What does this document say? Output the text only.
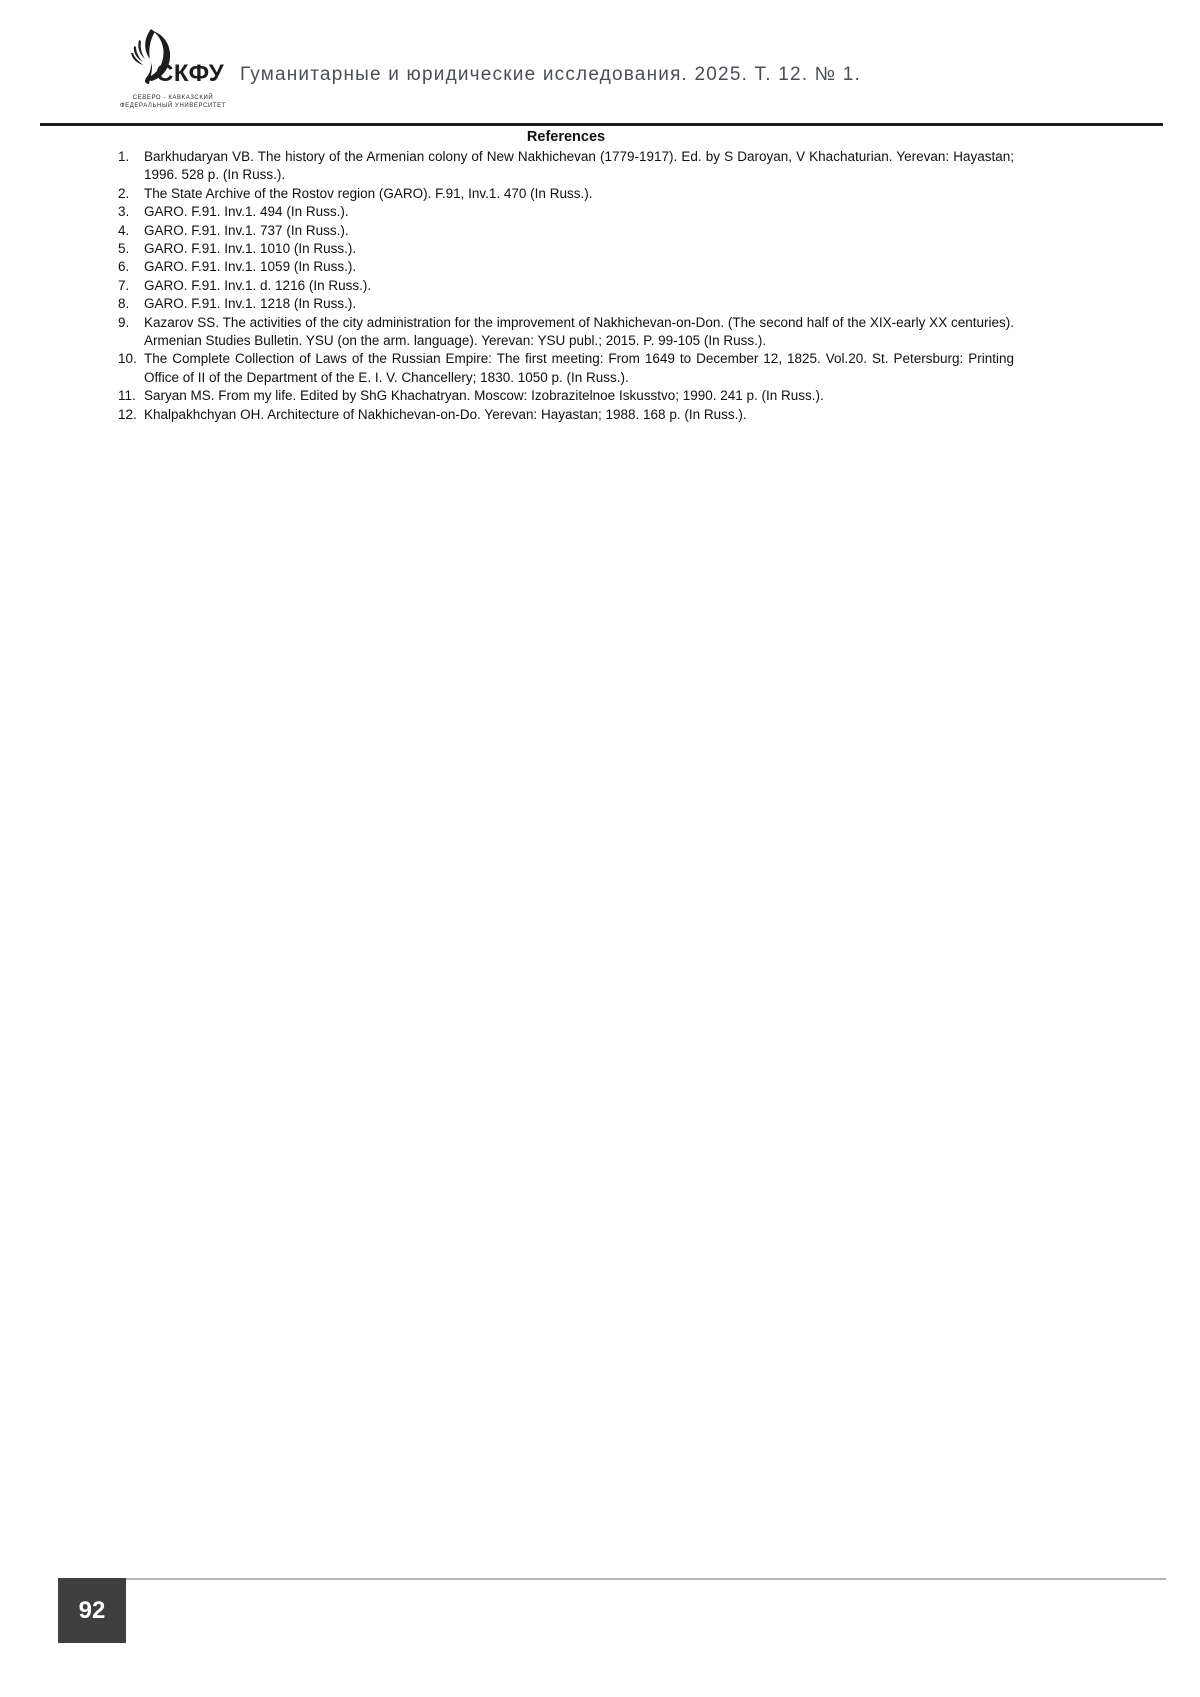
СКФУ
СЕВЕРО - КАВКАЗСКИЙ
ФЕДЕРАЛЬНЫЙ УНИВЕРСИТЕТ
Гуманитарные и юридические исследования. 2025. Т. 12. № 1.
References
1.	Barkhudaryan VB. The history of the Armenian colony of New Nakhichevan (1779-1917). Ed. by S Daroyan, V Khachaturian. Yerevan: Hayastan; 1996. 528 p. (In Russ.).
2.	The State Archive of the Rostov region (GARO). F.91, Inv.1. 470 (In Russ.).
3.	GARO. F.91. Inv.1. 494 (In Russ.).
4.	GARO. F.91. Inv.1. 737 (In Russ.).
5.	GARO. F.91. Inv.1. 1010 (In Russ.).
6.	GARO. F.91. Inv.1. 1059 (In Russ.).
7.	GARO. F.91. Inv.1. d. 1216 (In Russ.).
8.	GARO. F.91. Inv.1. 1218 (In Russ.).
9.	Kazarov SS. The activities of the city administration for the improvement of Nakhichevan-on-Don. (The second half of the XIX-early XX centuries). Armenian Studies Bulletin. YSU (on the arm. language). Yerevan: YSU publ.; 2015. P. 99-105 (In Russ.).
10. The Complete Collection of Laws of the Russian Empire: The first meeting: From 1649 to December 12, 1825. Vol.20. St. Petersburg: Printing Office of II of the Department of the E. I. V. Chancellery; 1830. 1050 p. (In Russ.).
11. Saryan MS. From my life. Edited by ShG Khachatryan. Moscow: Izobrazitelnoe Iskusstvo; 1990. 241 p. (In Russ.).
12. Khalpakhchyan OH. Architecture of Nakhichevan-on-Do. Yerevan: Hayastan; 1988. 168 p. (In Russ.).
92
